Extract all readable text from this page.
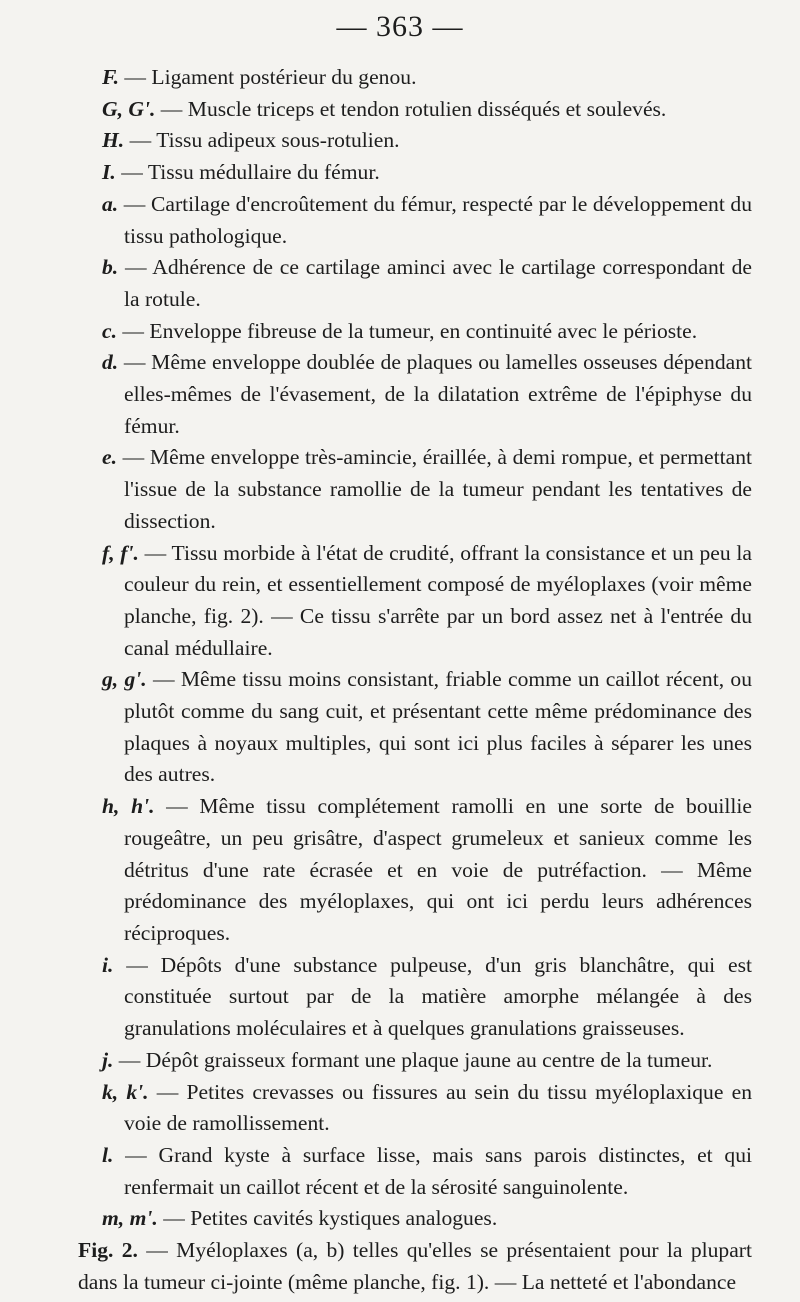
— 363 —

F. — Ligament postérieur du genou.

G, G'. — Muscle triceps et tendon rotulien disséqués et soulevés.

H. — Tissu adipeux sous-rotulien.

I. — Tissu médullaire du fémur.

a. — Cartilage d'encroûtement du fémur, respecté par le développement du tissu pathologique.

b. — Adhérence de ce cartilage aminci avec le cartilage correspondant de la rotule.

c. — Enveloppe fibreuse de la tumeur, en continuité avec le périoste.

d. — Même enveloppe doublée de plaques ou lamelles osseuses dépendant elles-mêmes de l'évasement, de la dilatation extrême de l'épiphyse du fémur.

e. — Même enveloppe très-amincie, éraillée, à demi rompue, et permettant l'issue de la substance ramollie de la tumeur pendant les tentatives de dissection.

f, f'. — Tissu morbide à l'état de crudité, offrant la consistance et un peu la couleur du rein, et essentiellement composé de myéloplaxes (voir même planche, fig. 2). — Ce tissu s'arrête par un bord assez net à l'entrée du canal médullaire.

g, g'. — Même tissu moins consistant, friable comme un caillot récent, ou plutôt comme du sang cuit, et présentant cette même prédominance des plaques à noyaux multiples, qui sont ici plus faciles à séparer les unes des autres.

h, h'. — Même tissu complétement ramolli en une sorte de bouillie rougeâtre, un peu grisâtre, d'aspect grumeleux et sanieux comme les détritus d'une rate écrasée et en voie de putréfaction. — Même prédominance des myéloplaxes, qui ont ici perdu leurs adhérences réciproques.

i. — Dépôts d'une substance pulpeuse, d'un gris blanchâtre, qui est constituée surtout par de la matière amorphe mélangée à des granulations moléculaires et à quelques granulations graisseuses.

j. — Dépôt graisseux formant une plaque jaune au centre de la tumeur.

k, k'. — Petites crevasses ou fissures au sein du tissu myéloplaxique en voie de ramollissement.

l. — Grand kyste à surface lisse, mais sans parois distinctes, et qui renfermait un caillot récent et de la sérosité sanguinolente.

m, m'. — Petites cavités kystiques analogues.

Fig. 2. — Myéloplaxes (a, b) telles qu'elles se présentaient pour la plupart dans la tumeur ci-jointe (même planche, fig. 1). — La netteté et l'abondance
